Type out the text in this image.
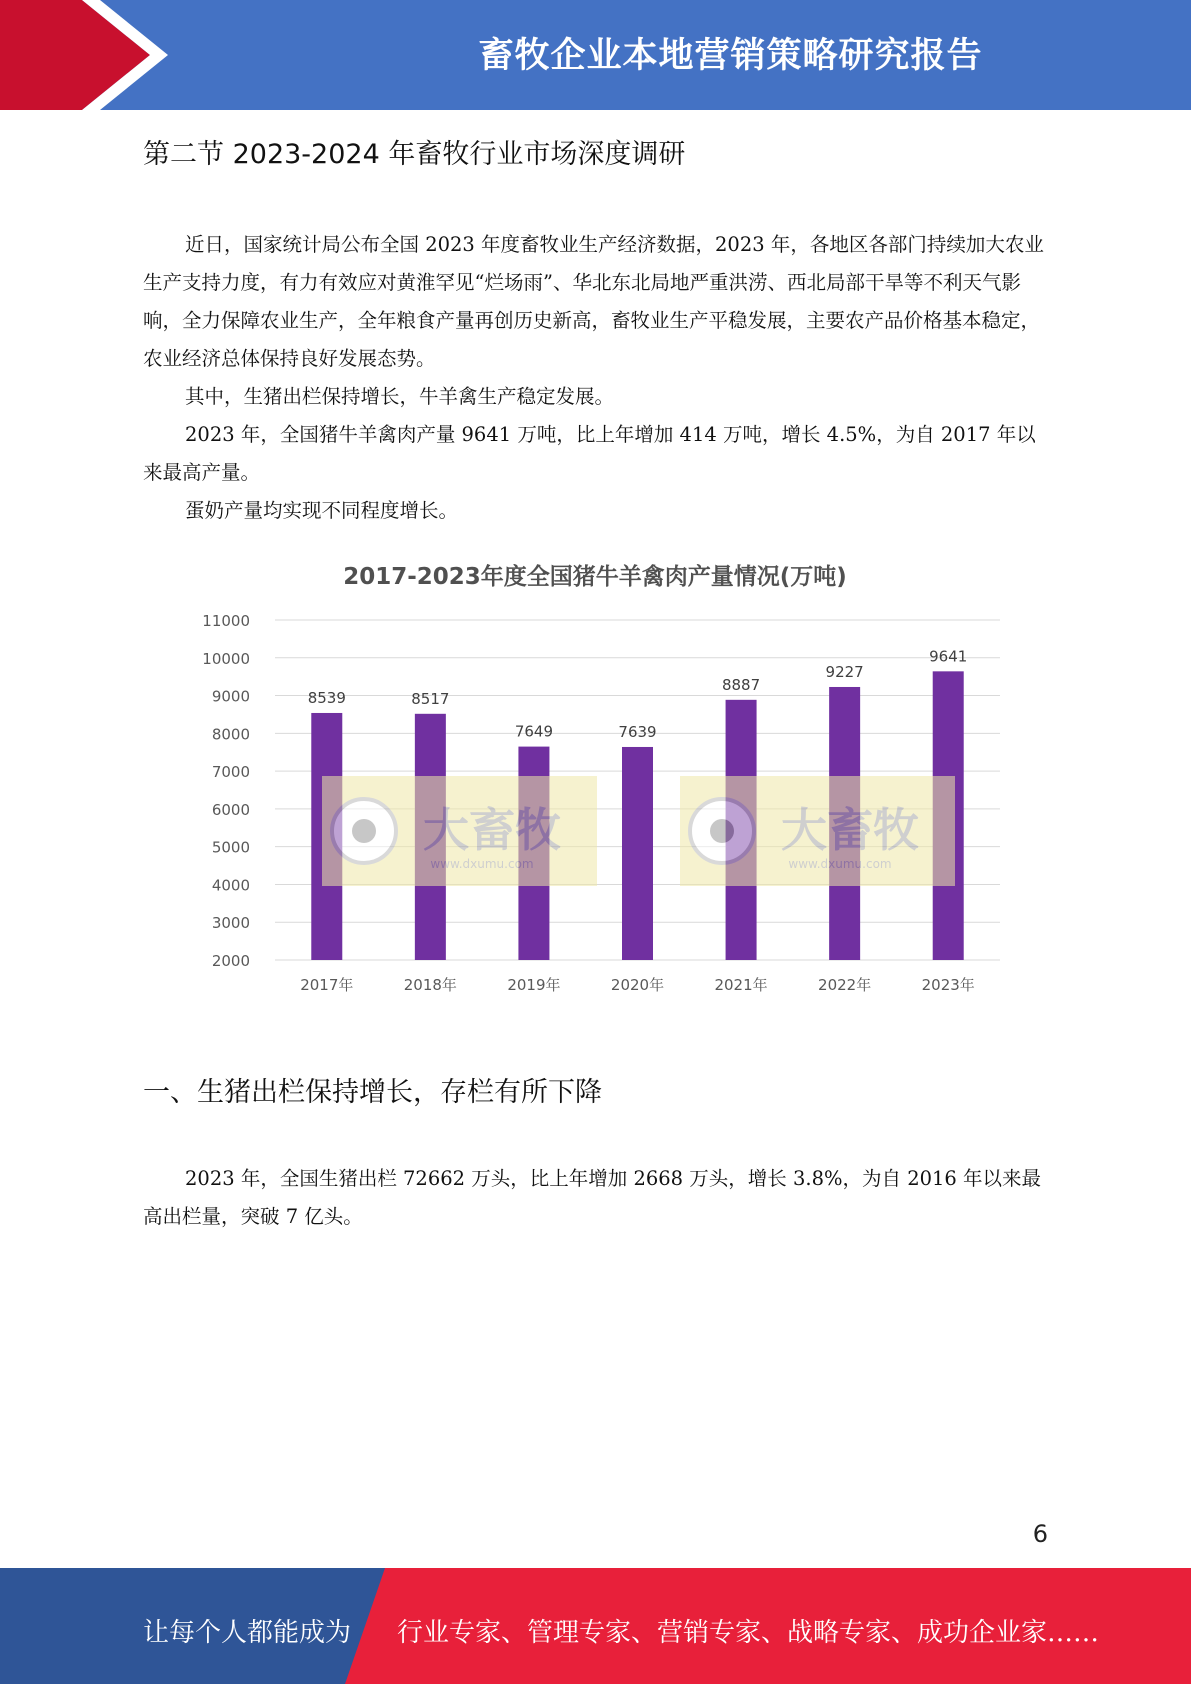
畜牧企业本地营销策略研究报告
第二节 2023-2024 年畜牧行业市场深度调研

近日，国家统计局公布全国 2023 年度畜牧业生产经济数据，2023 年，各地区各部门持续加大农业生产支持力度，有力有效应对黄淮罕见“烂场雨”、华北东北局地严重洪涝、西北局部干旱等不利天气影响，全力保障农业生产，全年粮食产量再创历史新高，畜牧业生产平稳发展，主要农产品价格基本稳定，农业经济总体保持良好发展态势。

其中，生猪出栏保持增长，牛羊禽生产稳定发展。

2023 年，全国猪牛羊禽肉产量 9641 万吨，比上年增加 414 万吨，增长 4.5%，为自 2017 年以来最高产量。

蛋奶产量均实现不同程度增长。

2017-2023年度全国猪牛羊禽肉产量情况(万吨)
大畜牧
www.dxumu.com
大畜牧
www.dxumu.com
8539	8517
7649	7639
8887
9227
9641
2000
3000
4000
5000
6000
7000
8000
9000
10000
11000
2017年	2018年	2019年	2020年	2021年	2022年	2023年
一、生猪出栏保持增长，存栏有所下降

2023 年，全国生猪出栏 72662 万头，比上年增加 2668 万头，增长 3.8%，为自 2016 年以来最高出栏量，突破 7 亿头。

6
让每个人都能成为 行业专家、管理专家、营销专家、战略专家、成功企业家……
